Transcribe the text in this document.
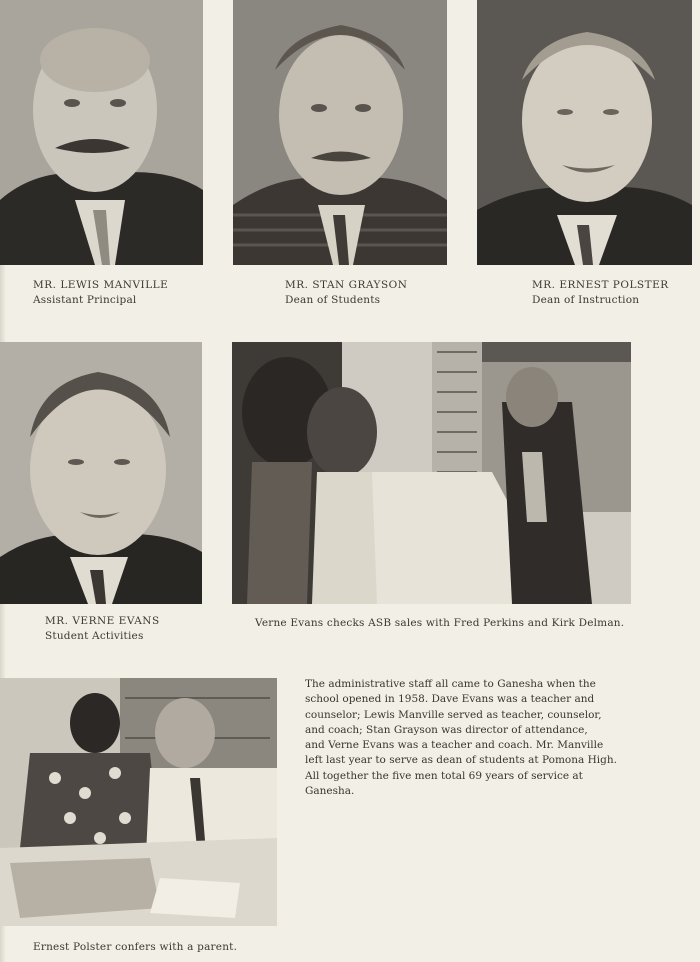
MR. LEWIS MANVILLE
Assistant Principal
MR. STAN GRAYSON
Dean of Students
MR. ERNEST POLSTER
Dean of Instruction
MR. VERNE EVANS
Student Activities
Verne Evans checks ASB sales with Fred Perkins and Kirk Delman.
The administrative staff all came to Ganesha when the
school opened in 1958. Dave Evans was a teacher and
counselor; Lewis Manville served as teacher, counselor,
and coach; Stan Grayson was director of attendance,
and Verne Evans was a teacher and coach. Mr. Manville
left last year to serve as dean of students at Pomona High.
All together the five men total 69 years of service at
Ganesha.
Ernest Polster confers with a parent.
